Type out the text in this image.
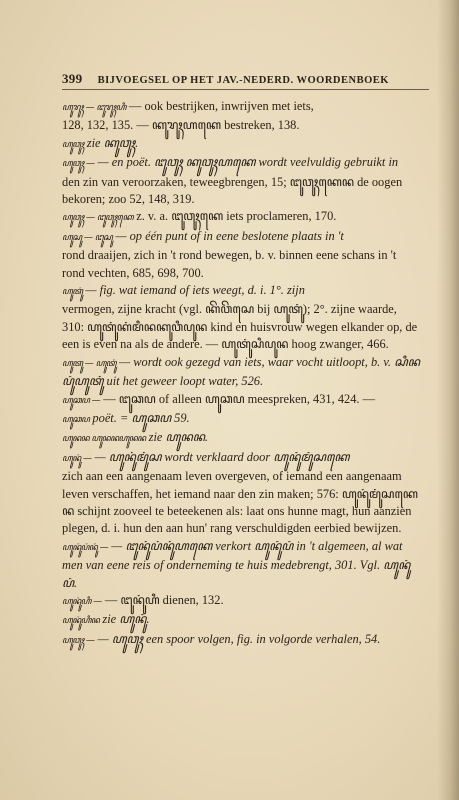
399 BIJVOEGSEL OP HET JAV.-NEDERD. WOORDENBOEK

ꦲꦸꦫꦸꦃ — ꦔꦸꦫꦸꦃꦲꦶ — ook bestrijken, inwrijven met iets,

128, 132, 135. — ꦏꦸꦫꦸꦃꦲꦏꦺ bestreken, 138.

ꦲꦸꦮꦸꦃ zie ꦏꦸꦮꦸꦃ.

ꦲꦸꦮꦸꦃ — — en poët. ꦔꦸꦮꦸꦃ ꦏꦸꦮꦸꦃꦲꦏꦺ wordt veelvuldig gebruikt in

den zin van veroorzaken, teweegbrengen, 15; ꦔꦸꦮꦸꦃꦏꦺꦤ de oogen bekoren; zoo 52, 148, 319.

ꦲꦸꦮꦸꦃ — ꦔꦸꦮꦸꦃꦏꦺ z. v. a. ꦔꦸꦮꦸꦃꦏꦺ iets proclameren, 170.

ꦲꦸꦱꦸ — ꦔꦸꦱꦸ — op één punt of in eene beslotene plaats in 't

rond draaijen, zich in 't rond bewegen, b. v. binnen eene schans in 't rond vechten, 685, 698, 700.

ꦲꦸꦠꦸꦁ — fig. wat iemand of iets weegt, d. i. 1°. zijn

vermogen, zijne kracht (vgl. ꦏꦼꦮꦼꦱꦺ bij ꦲꦸꦠꦸꦁ); 2°. zijne waarde, 310: ꦲꦸꦠꦸꦁꦏꦁꦩꦶꦤꦏꦸꦮꦶꦥꦸꦤ kind en huisvrouw wegen elkander op, de een is even na als de andere. — ꦲꦸꦠꦸꦁꦱꦶꦥꦸꦤ hoog zwanger, 466.

ꦲꦸꦠꦸ — ꦲꦸꦠꦸꦁ — wordt ook gezegd van iets, waar vocht uitloopt, b. v. ꦱꦶꦤꦥꦸꦁꦲꦸꦠꦸꦁ uit het geweer loopt water, 526.

ꦲꦸꦕꦥ — — ꦔꦸꦕꦥ of alleen ꦲꦸꦕꦥ meespreken, 431, 424. —

ꦲꦸꦕꦥ poët. = ꦲꦸꦕꦥ 59.

ꦲꦸꦤꦤ ꦲꦸꦤꦤꦲꦸꦤꦤ zie ꦲꦸꦤꦤ.

ꦲꦸꦤꦸꦁ — — ꦲꦸꦤꦸꦁꦩꦸꦁꦱ wordt verklaard door ꦲꦸꦤꦸꦁꦩꦸꦁꦱꦏꦺ

zich aan een aangenaam leven overgeven, of iemand een aangenaam leven verschaffen, het iemand naar den zin maken; 576: ꦲꦸꦤꦸꦁꦩꦸꦁꦱꦏꦺꦤ schijnt zooveel te beteekenen als: laat ons hunne magt, hun aanzien plegen, d. i. hun den aan hun' rang verschuldigden eerbied bewijzen.

ꦲꦸꦤꦸꦁꦥꦁꦤꦸꦁ — — ꦔꦸꦤꦸꦁꦥꦁꦤꦸꦁꦲꦏꦺ verkort ꦲꦸꦤꦸꦁꦥꦁ in 't algemeen, al wat men van eene reis of onderneming te huis medebrengt, 301. Vgl. ꦲꦸꦤꦸꦁꦥꦁ.

ꦲꦸꦤꦸꦁꦲꦶ — — ꦔꦸꦤꦸꦁꦲꦶ dienen, 132.

ꦲꦸꦤꦸꦁꦲꦶꦤ zie ꦲꦸꦤꦸꦁ.

ꦲꦸꦮꦸꦃ — — ꦲꦸꦮꦸꦃ een spoor volgen, fig. in volgorde verhalen, 54.
